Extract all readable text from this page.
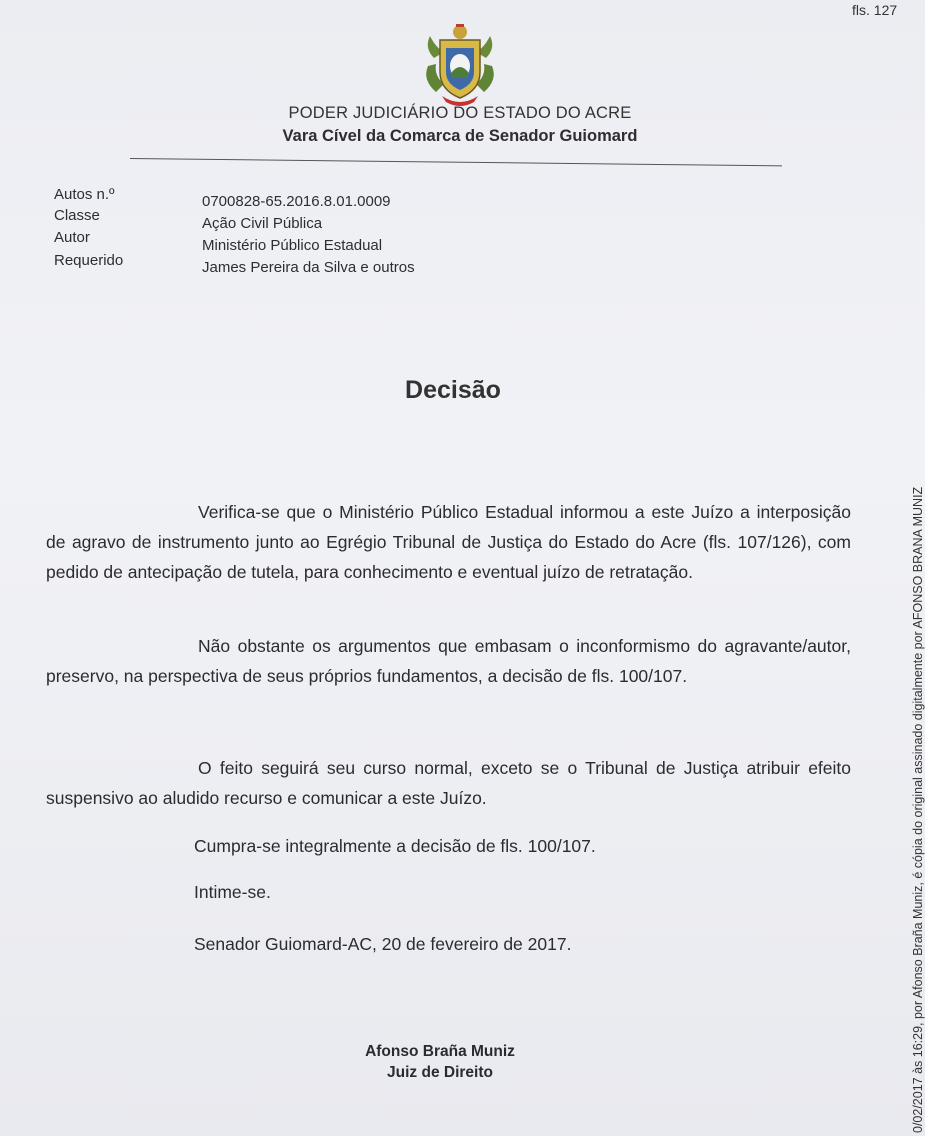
fls. 127
PODER JUDICIÁRIO DO ESTADO DO ACRE
Vara Cível da Comarca de Senador Guiomard
Autos n.º	0700828-65.2016.8.01.0009
Classe	Ação Civil Pública
Autor	Ministério Público Estadual
Requerido	James Pereira da Silva e outros
Decisão

Verifica-se que o Ministério Público Estadual informou a este Juízo a interposição de agravo de instrumento junto ao Egrégio Tribunal de Justiça do Estado do Acre (fls. 107/126), com pedido de antecipação de tutela, para conhecimento e eventual juízo de retratação.

Não obstante os argumentos que embasam o inconformismo do agravante/autor, preservo, na perspectiva de seus próprios fundamentos, a decisão de fls. 100/107.

O feito seguirá seu curso normal, exceto se o Tribunal de Justiça atribuir efeito suspensivo ao aludido recurso e comunicar a este Juízo.

Cumpra-se integralmente a decisão de fls. 100/107.
Intime-se.
Senador Guiomard-AC, 20 de fevereiro de 2017.
Afonso Braña Muniz
Juiz de Direito	0/02/2017 às 16:29, por Afonso Braña Muniz, é cópia do original assinado digitalmente por AFONSO BRANA MUNIZ
